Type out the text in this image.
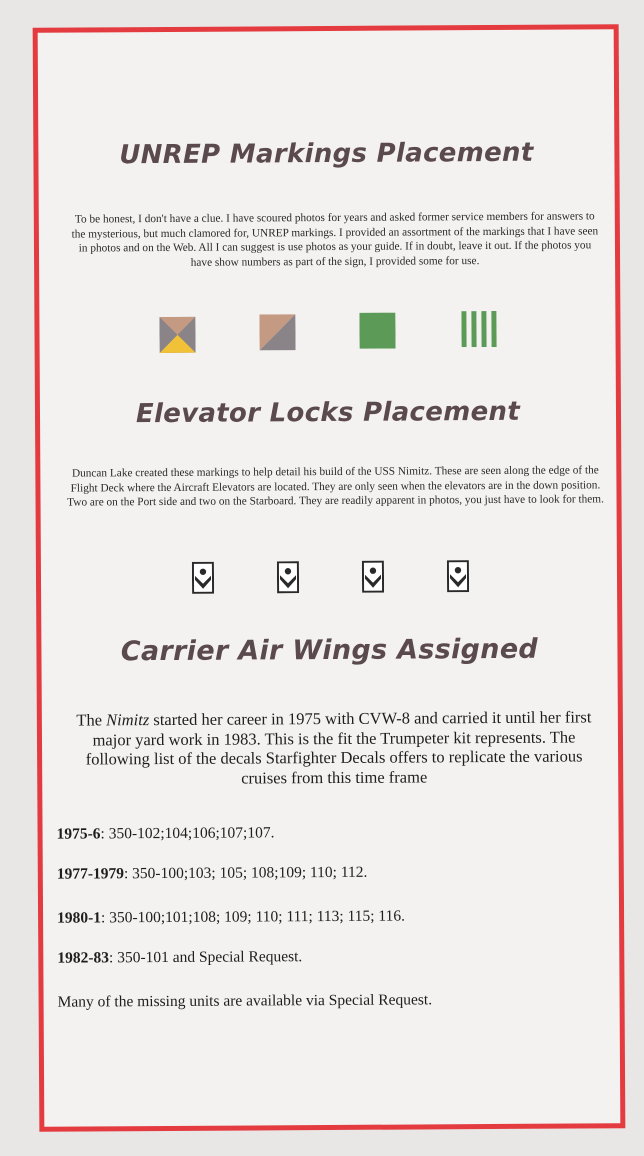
UNREP Markings Placement

To be honest, I don't have a clue. I have scoured photos for years and asked former service members for answers to the mysterious, but much clamored for, UNREP markings. I provided an assortment of the markings that I have seen in photos and on the Web. All I can suggest is use photos as your guide. If in doubt, leave it out. If the photos you have show numbers as part of the sign, I provided some for use.

Elevator Locks Placement

Duncan Lake created these markings to help detail his build of the USS Nimitz. These are seen along the edge of the Flight Deck where the Aircraft Elevators are located. They are only seen when the elevators are in the down position. Two are on the Port side and two on the Starboard. They are readily apparent in photos, you just have to look for them.

Carrier Air Wings Assigned

The Nimitz started her career in 1975 with CVW-8 and carried it until her first major yard work in 1983. This is the fit the Trumpeter kit represents. The following list of the decals Starfighter Decals offers to replicate the various cruises from this time frame

1975-6: 350-102;104;106;107;107.

1977-1979: 350-100;103; 105; 108;109; 110; 112.

1980-1: 350-100;101;108; 109; 110; 111; 113; 115; 116.

1982-83: 350-101 and Special Request.

Many of the missing units are available via Special Request.
